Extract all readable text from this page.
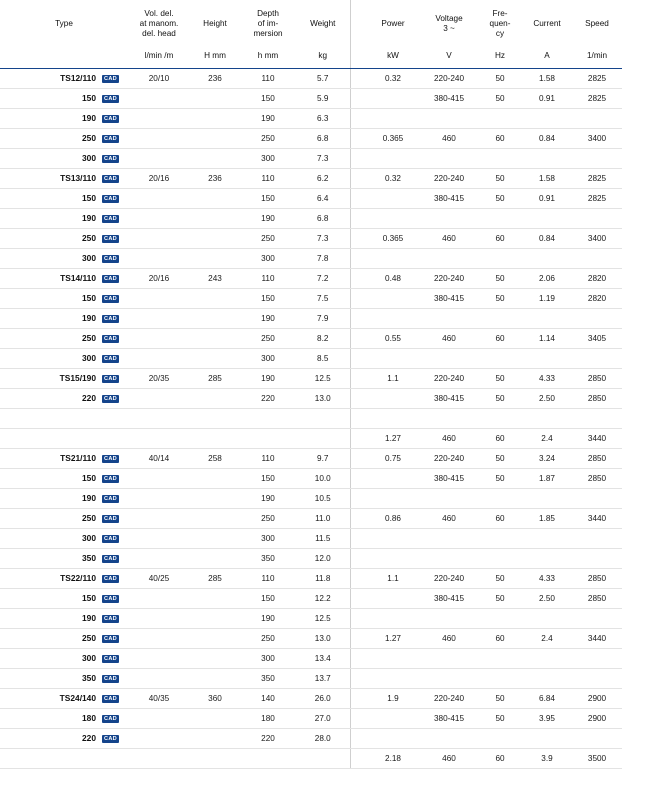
Type		Vol. del.
at manom.
del. head	Height	Depth
of im-
mersion	Weight		Power	Voltage
3 ~	Fre-
quen-
cy	Current	Speed
		l/min /m	H mm	h mm	kg		kW	V	Hz	A	1/min
TS12/110	CAD	20/10	236	110	5.7		0.32	220-240	50	1.58	2825
150	CAD			150	5.9			380-415	50	0.91	2825
190	CAD			190	6.3						
250	CAD			250	6.8		0.365	460	60	0.84	3400
300	CAD			300	7.3						
TS13/110	CAD	20/16	236	110	6.2		0.32	220-240	50	1.58	2825
150	CAD			150	6.4			380-415	50	0.91	2825
190	CAD			190	6.8						
250	CAD			250	7.3		0.365	460	60	0.84	3400
300	CAD			300	7.8						
TS14/110	CAD	20/16	243	110	7.2		0.48	220-240	50	2.06	2820
150	CAD			150	7.5			380-415	50	1.19	2820
190	CAD			190	7.9						
250	CAD			250	8.2		0.55	460	60	1.14	3405
300	CAD			300	8.5						
TS15/190	CAD	20/35	285	190	12.5		1.1	220-240	50	4.33	2850
220	CAD			220	13.0			380-415	50	2.50	2850

							1.27	460	60	2.4	3440
TS21/110	CAD	40/14	258	110	9.7		0.75	220-240	50	3.24	2850
150	CAD			150	10.0			380-415	50	1.87	2850
190	CAD			190	10.5						
250	CAD			250	11.0		0.86	460	60	1.85	3440
300	CAD			300	11.5						
350	CAD			350	12.0						
TS22/110	CAD	40/25	285	110	11.8		1.1	220-240	50	4.33	2850
150	CAD			150	12.2			380-415	50	2.50	2850
190	CAD			190	12.5						
250	CAD			250	13.0		1.27	460	60	2.4	3440
300	CAD			300	13.4						
350	CAD			350	13.7						
TS24/140	CAD	40/35	360	140	26.0		1.9	220-240	50	6.84	2900
180	CAD			180	27.0			380-415	50	3.95	2900
220	CAD			220	28.0						
							2.18	460	60	3.9	3500
